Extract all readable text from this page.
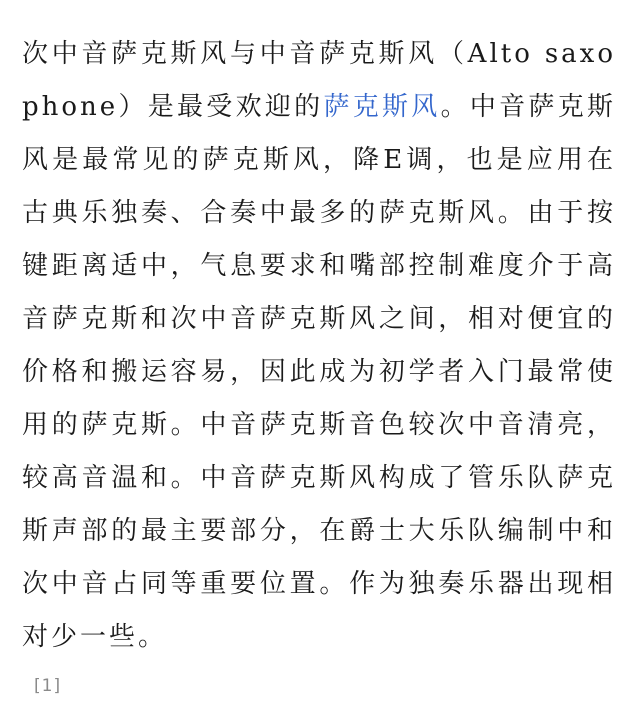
次中音萨克斯风与中音萨克斯风（Alto saxophone）是最受欢迎的萨克斯风。中音萨克斯风是最常见的萨克斯风，降E调，也是应用在古典乐独奏、合奏中最多的萨克斯风。由于按键距离适中，气息要求和嘴部控制难度介于高音萨克斯和次中音萨克斯风之间，相对便宜的价格和搬运容易，因此成为初学者入门最常使用的萨克斯。中音萨克斯音色较次中音清亮，较高音温和。中音萨克斯风构成了管乐队萨克斯声部的最主要部分，在爵士大乐队编制中和次中音占同等重要位置。作为独奏乐器出现相对少一些。

[1]
